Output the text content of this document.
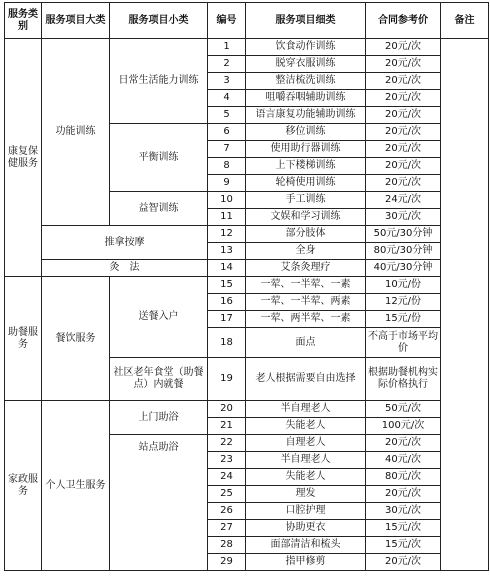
服务类别	服务项目大类	服务项目小类	编号	服务项目细类	合同参考价	备注
康复保健服务	功能训练	日常生活能力训练	1	饮食动作训练	20元/次	
			2	脱穿衣服训练	20元/次	
			3	整洁梳洗训练	20元/次	
			4	咀嚼吞咽辅助训练	20元/次	
			5	语言康复功能辅助训练	20元/次	
		平衡训练	6	移位训练	20元/次	
			7	使用助行器训练	20元/次	
			8	上下楼梯训练	20元/次	
			9	轮椅使用训练	20元/次	
		益智训练	10	手工训练	24元/次	
			11	文娱和学习训练	30元/次	
	推拿按摩		12	部分肢体	50元/30分钟	
			13	全身	80元/30分钟	
	灸　法		14	艾条灸理疗	40元/30分钟	
助餐服务	餐饮服务	送餐入户	15	一荤、一半荤、一素	10元/份	
			16	一荤、一半荤、两素	12元/份	
			17	一荤、两半荤、一素	15元/份	
			18	面点	不高于市场平均价	
		社区老年食堂（助餐点）内就餐	19	老人根据需要自由选择	根据助餐机构实际价格执行	
家政服务	个人卫生服务	上门助浴	20	半自理老人	50元/次	
			21	失能老人	100元/次	

		站点助浴	22	自理老人	20元/次	
			23	半自理老人	40元/次	
			24	失能老人	80元/次	
			25	理发	20元/次	
			26	口腔护理	30元/次	
			27	协助更衣	15元/次	
			28	面部清洁和梳头	15元/次	
			29	指甲修剪	20元/次	
